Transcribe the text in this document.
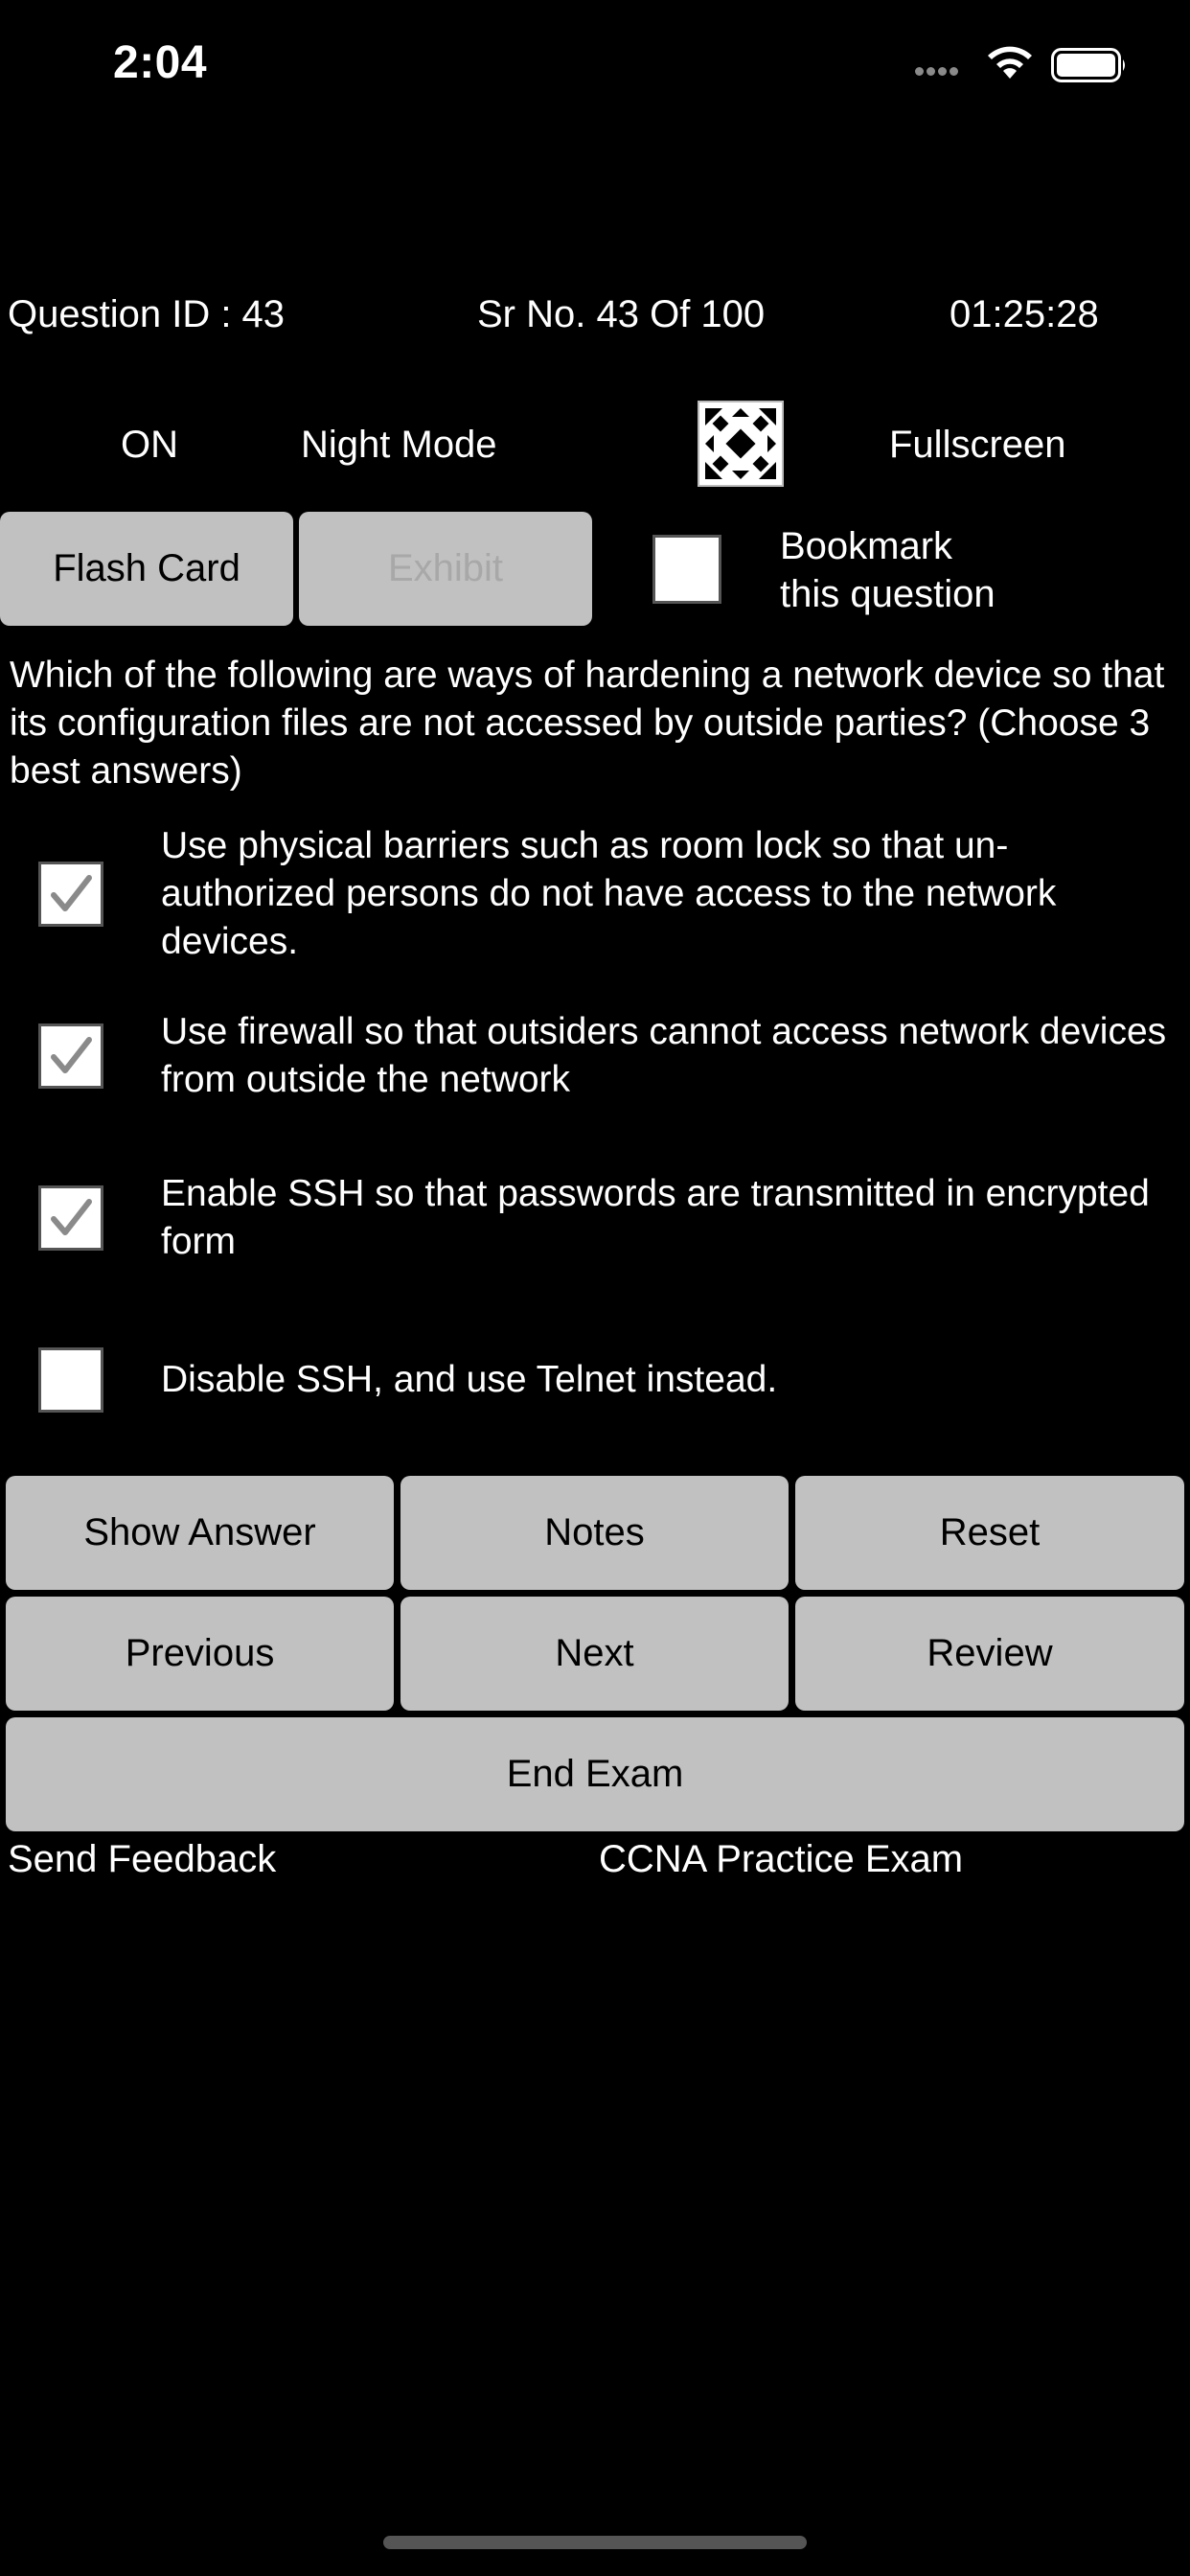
2:04
Question ID : 43	Sr No. 43 Of 100	01:25:28
ON	Night Mode	Fullscreen
Flash Card	Exhibit
Bookmark
this question
Which of the following are ways of hardening a network device so that its configuration files are not accessed by outside parties? (Choose 3 best answers)
Use physical barriers such as room lock so that un-authorized persons do not have access to the network devices.
Use firewall so that outsiders cannot access network devices from outside the network
Enable SSH so that passwords are transmitted in encrypted form
Disable SSH, and use Telnet instead.
Show Answer	Notes	Reset
Previous	Next	Review
End Exam
Send Feedback	CCNA Practice Exam
